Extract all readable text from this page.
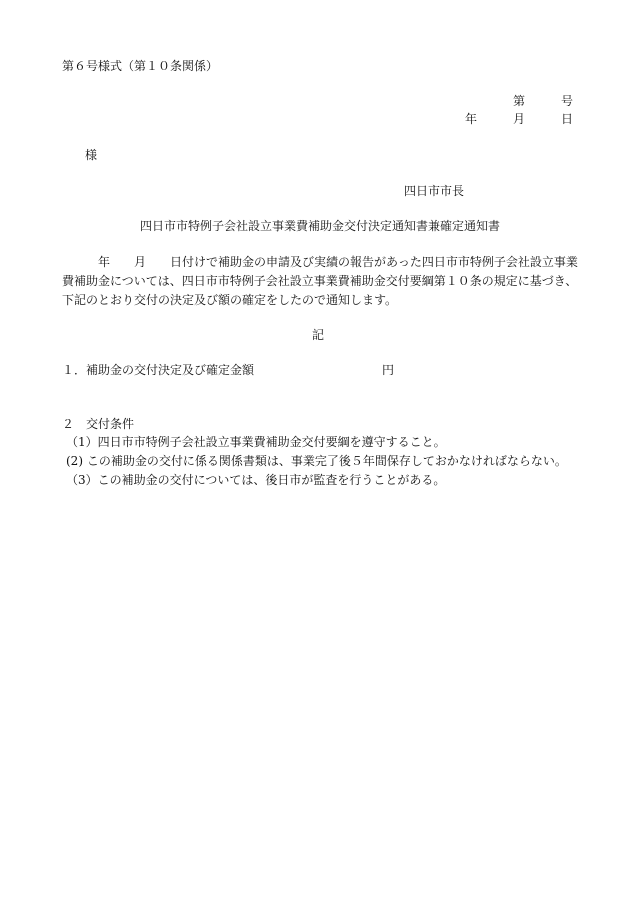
第６号様式（第１０条関係）
第　　　号
年　　　月　　　日
様
四日市市長
四日市市特例子会社設立事業費補助金交付決定通知書兼確定通知書
　　　年　　月　　日付けで補助金の申請及び実績の報告があった四日市市特例子会社設立事業
費補助金については、四日市市特例子会社設立事業費補助金交付要綱第１０条の規定に基づき、
下記のとおり交付の決定及び額の確定をしたので通知します。
記
１．補助金の交付決定及び確定金額	円
２　交付条件
（1）四日市市特例子会社設立事業費補助金交付要綱を遵守すること。
(2) この補助金の交付に係る関係書類は、事業完了後５年間保存しておかなければならない。
（3）この補助金の交付については、後日市が監査を行うことがある。
